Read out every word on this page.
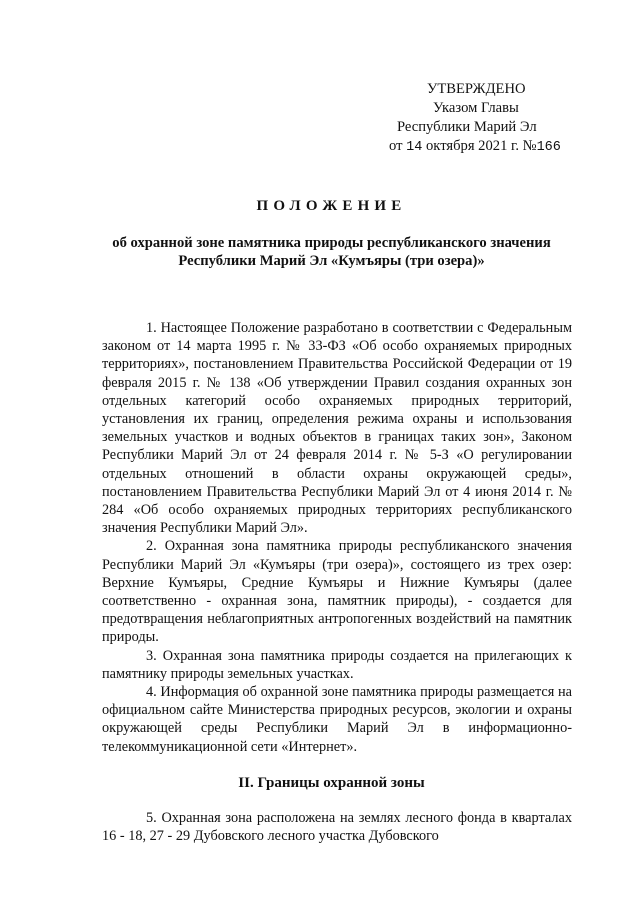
УТВЕРЖДЕНО
Указом Главы
Республики Марий Эл
от 14 октября 2021 г. №166
ПОЛОЖЕНИЕ
об охранной зоне памятника природы республиканского значения
Республики Марий Эл «Кумъяры (три озера)»

1. Настоящее Положение разработано в соответствии с Федеральным законом от 14 марта 1995 г. № 33-ФЗ «Об особо охраняемых природных территориях», постановлением Правительства Российской Федерации от 19 февраля 2015 г. № 138 «Об утверждении Правил создания охранных зон отдельных категорий особо охраняемых природных территорий, установления их границ, определения режима охраны и использования земельных участков и водных объектов в границах таких зон», Законом Республики Марий Эл от 24 февраля 2014 г. № 5-З «О регулировании отдельных отношений в области охраны окружающей среды», постановлением Правительства Республики Марий Эл от 4 июня 2014 г. № 284 «Об особо охраняемых природных территориях республиканского значения Республики Марий Эл».

2. Охранная зона памятника природы республиканского значения Республики Марий Эл «Кумъяры (три озера)», состоящего из трех озер: Верхние Кумъяры, Средние Кумъяры и Нижние Кумъяры (далее соответственно - охранная зона, памятник природы), - создается для предотвращения неблагоприятных антропогенных воздействий на памятник природы.

3. Охранная зона памятника природы создается на прилегающих к памятнику природы земельных участках.

4. Информация об охранной зоне памятника природы размещается на официальном сайте Министерства природных ресурсов, экологии и охраны окружающей среды Республики Марий Эл в информационно-телекоммуникационной сети «Интернет».

II. Границы охранной зоны

5. Охранная зона расположена на землях лесного фонда в кварталах 16 - 18, 27 - 29 Дубовского лесного участка Дубовского
